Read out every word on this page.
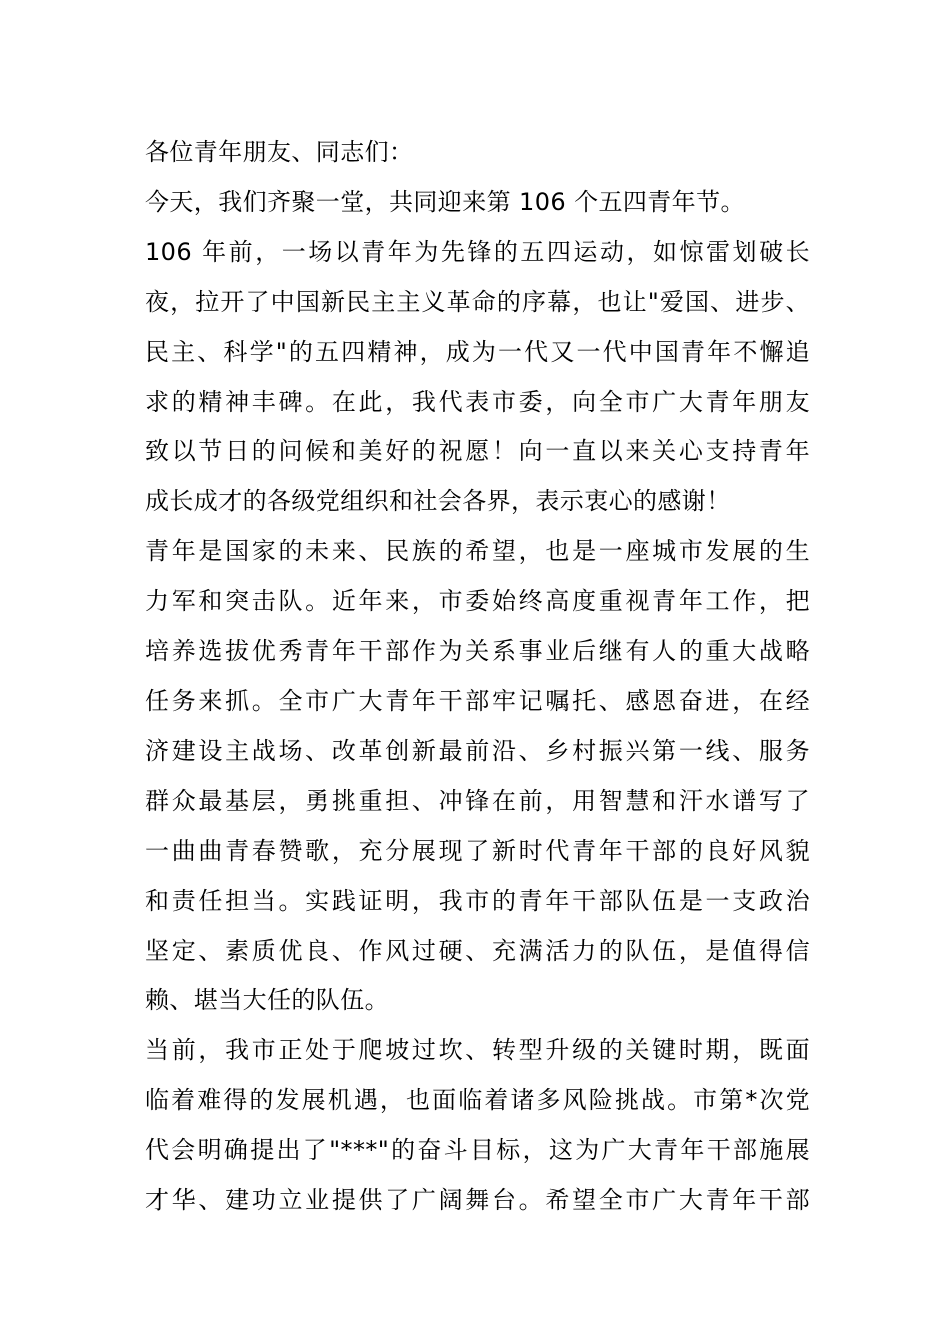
各位青年朋友、同志们：
今天，我们齐聚一堂，共同迎来第 106 个五四青年节。
106 年前，一场以青年为先锋的五四运动，如惊雷划破长
夜，拉开了中国新民主主义革命的序幕，也让"爱国、进步、
民主、科学"的五四精神，成为一代又一代中国青年不懈追
求的精神丰碑。在此，我代表市委，向全市广大青年朋友
致以节日的问候和美好的祝愿！向一直以来关心支持青年
成长成才的各级党组织和社会各界，表示衷心的感谢！
青年是国家的未来、民族的希望，也是一座城市发展的生
力军和突击队。近年来，市委始终高度重视青年工作，把
培养选拔优秀青年干部作为关系事业后继有人的重大战略
任务来抓。全市广大青年干部牢记嘱托、感恩奋进，在经
济建设主战场、改革创新最前沿、乡村振兴第一线、服务
群众最基层，勇挑重担、冲锋在前，用智慧和汗水谱写了
一曲曲青春赞歌，充分展现了新时代青年干部的良好风貌
和责任担当。实践证明，我市的青年干部队伍是一支政治
坚定、素质优良、作风过硬、充满活力的队伍，是值得信
赖、堪当大任的队伍。
当前，我市正处于爬坡过坎、转型升级的关键时期，既面
临着难得的发展机遇，也面临着诸多风险挑战。市第*次党
代会明确提出了"***"的奋斗目标，这为广大青年干部施展
才华、建功立业提供了广阔舞台。希望全市广大青年干部
